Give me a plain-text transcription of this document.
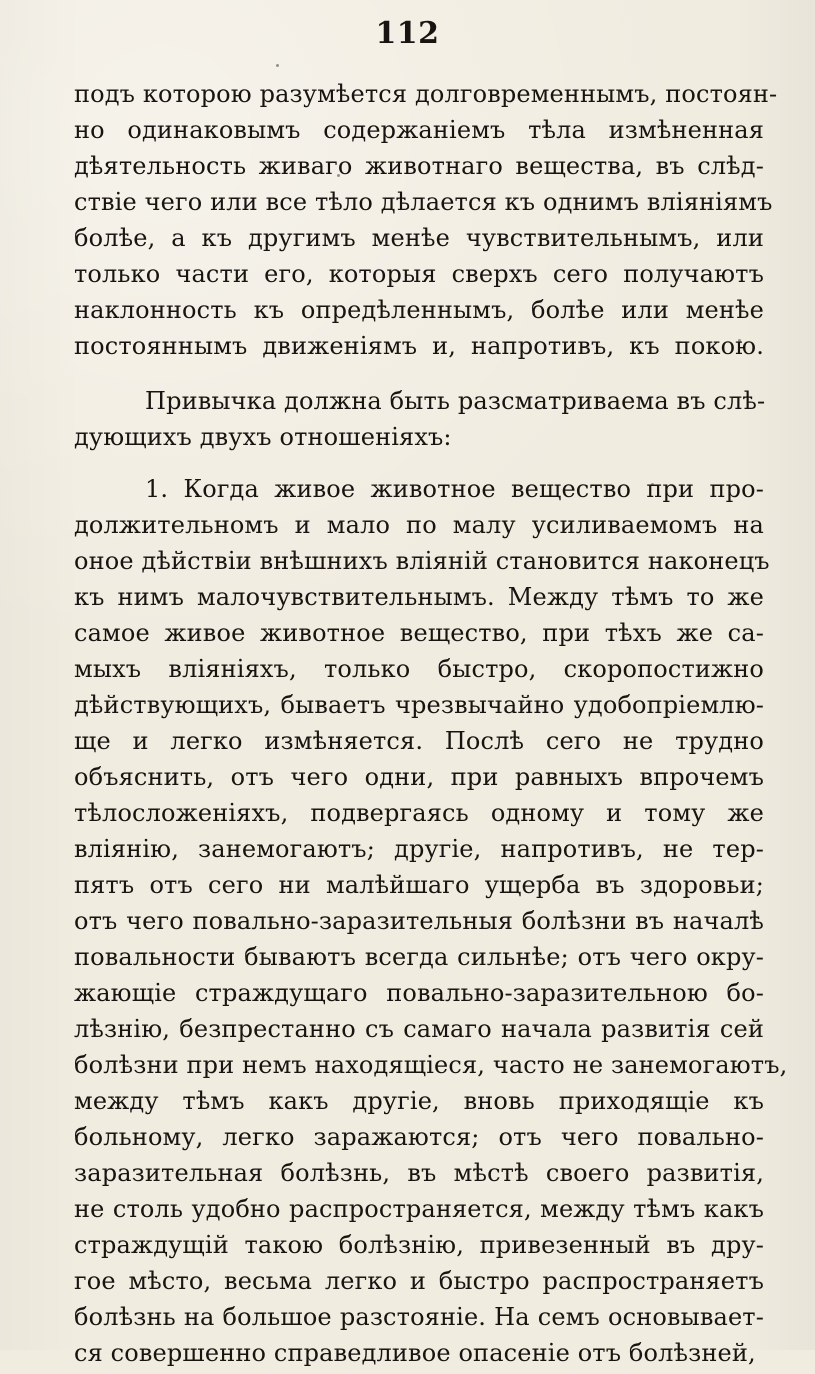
112
подъ которою разумѣется долговременнымъ, постоян-
но одинаковымъ содержаніемъ тѣла измѣненная
дѣятельность живаго животнаго вещества, въ слѣд-
ствіе чего или все тѣло дѣлается къ однимъ вліяніямъ
болѣе, а къ другимъ менѣе чувствительнымъ, или
только части его, которыя сверхъ сего получаютъ
наклонность къ опредѣленнымъ, болѣе или менѣе
постояннымъ движеніямъ и, напротивъ, къ покою.
Привычка должна быть разсматриваема въ слѣ-
дующихъ двухъ отношеніяхъ:
1. Когда живое животное вещество при про-
должительномъ и мало по малу усиливаемомъ на
оное дѣйствіи внѣшнихъ вліяній становится наконецъ
къ нимъ малочувствительнымъ. Между тѣмъ то же
самое живое животное вещество, при тѣхъ же са-
мыхъ вліяніяхъ, только быстро, скоропостижно
дѣйствующихъ, бываетъ чрезвычайно удобопріемлю-
ще и легко измѣняется. Послѣ сего не трудно
объяснить, отъ чего одни, при равныхъ впрочемъ
тѣлосложеніяхъ, подвергаясь одному и тому же
вліянію, занемогаютъ; другіе, напротивъ, не тер-
пятъ отъ сего ни малѣйшаго ущерба въ здоровьи;
отъ чего повально-заразительныя болѣзни въ началѣ
повальности бываютъ всегда сильнѣе; отъ чего окру-
жающіе страждущаго повально-заразительною бо-
лѣзнію, безпрестанно съ самаго начала развитія сей
болѣзни при немъ находящіеся, часто не занемогаютъ,
между тѣмъ какъ другіе, вновь приходящіе къ
больному, легко заражаются; отъ чего повально-
заразительная болѣзнь, въ мѣстѣ своего развитія,
не столь удобно распространяется, между тѣмъ какъ
страждущій такою болѣзнію, привезенный въ дру-
гое мѣсто, весьма легко и быстро распространяетъ
болѣзнь на большое разстояніе. На семъ основывает-
ся совершенно справедливое опасеніе отъ болѣзней,
